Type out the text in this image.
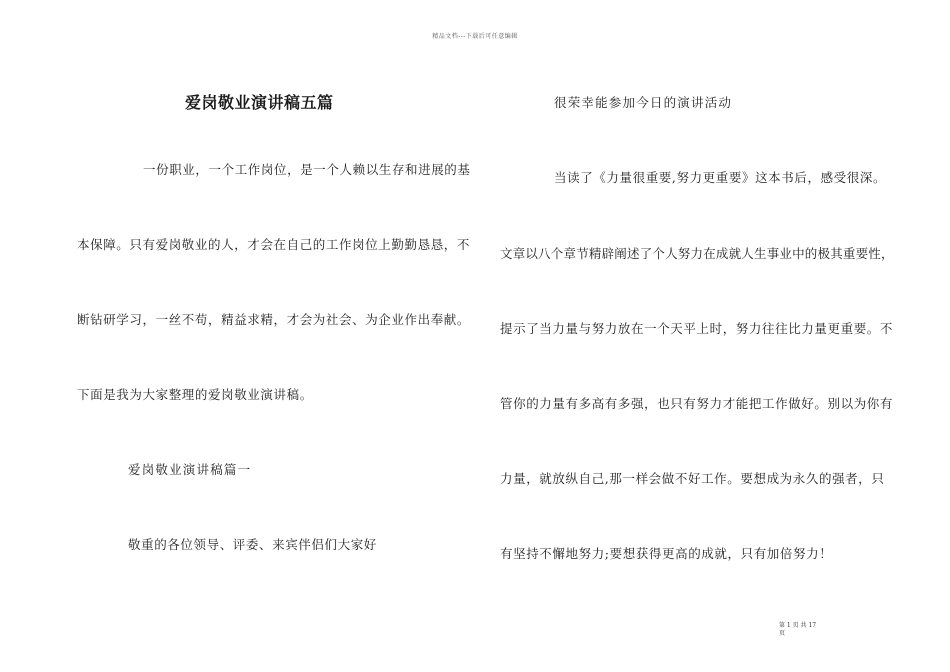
精品文档---下载后可任意编辑
爱岗敬业演讲稿五篇
一份职业，一个工作岗位，是一个人赖以生存和进展的基
本保障。只有爱岗敬业的人，才会在自己的工作岗位上勤勤恳恳，不
断钻研学习，一丝不苟，精益求精，才会为社会、为企业作出奉献。
下面是我为大家整理的爱岗敬业演讲稿。
爱岗敬业演讲稿篇一
敬重的各位领导、评委、来宾伴侣们大家好
很荣幸能参加今日的演讲活动
当读了《力量很重要,努力更重要》这本书后，感受很深。
文章以八个章节精辟阐述了个人努力在成就人生事业中的极其重要性，
提示了当力量与努力放在一个天平上时，努力往往比力量更重要。不
管你的力量有多高有多强，也只有努力才能把工作做好。别以为你有
力量，就放纵自己,那一样会做不好工作。要想成为永久的强者，只
有坚持不懈地努力;要想获得更高的成就，只有加倍努力！
第 1 页 共 17
页
